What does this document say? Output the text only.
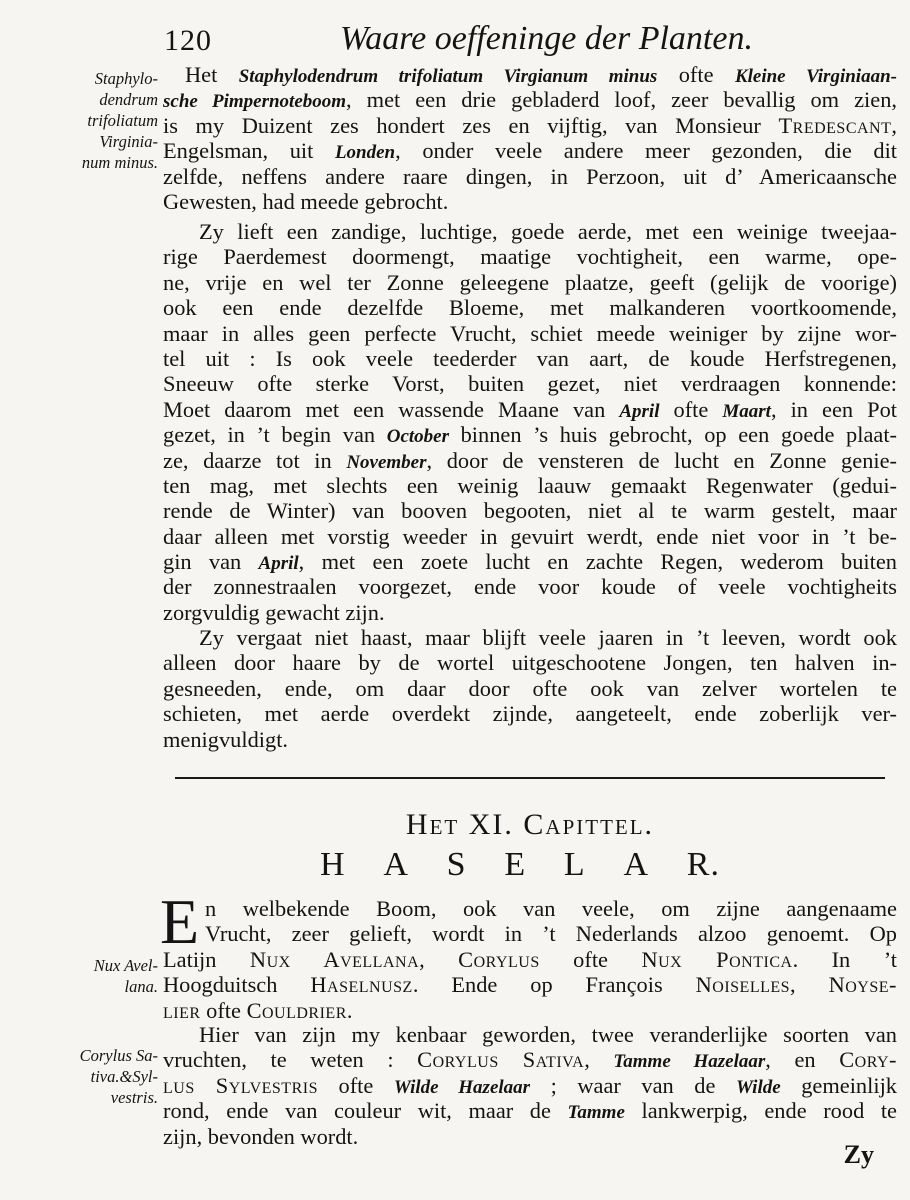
120	Waare oeffeninge der Planten.
Staphylo-
dendrum
trifoliatum
Virginia-
num minus.
Nux Avel-
lana.
Corylus Sa-
tiva.&Syl-
vestris.
Het Staphylodendrum trifoliatum Virgianum minus ofte Kleine Virginiaan-
sche Pimpernoteboom, met een drie gebladerd loof, zeer bevallig om zien,
is my Duizent zes hondert zes en vijftig, van Monsieur Tredescant,
Engelsman, uit Londen, onder veele andere meer gezonden, die dit
zelfde, neffens andere raare dingen, in Perzoon, uit d’ Americaansche
Gewesten, had meede gebrocht.
Zy lieft een zandige, luchtige, goede aerde, met een weinige tweejaa-
rige Paerdemest doormengt, maatige vochtigheit, een warme, ope-
ne, vrije en wel ter Zonne geleegene plaatze, geeft (gelijk de voorige)
ook een ende dezelfde Bloeme, met malkanderen voortkoomende,
maar in alles geen perfecte Vrucht, schiet meede weiniger by zijne wor-
tel uit : Is ook veele teederder van aart, de koude Herfstregenen,
Sneeuw ofte sterke Vorst, buiten gezet, niet verdraagen konnende:
Moet daarom met een wassende Maane van April ofte Maart, in een Pot
gezet, in ’t begin van October binnen ’s huis gebrocht, op een goede plaat-
ze, daarze tot in November, door de vensteren de lucht en Zonne genie-
ten mag, met slechts een weinig laauw gemaakt Regenwater (gedui-
rende de Winter) van booven begooten, niet al te warm gestelt, maar
daar alleen met vorstig weeder in gevuirt werdt, ende niet voor in ’t be-
gin van April, met een zoete lucht en zachte Regen, wederom buiten
der zonnestraalen voorgezet, ende voor koude of veele vochtigheits
zorgvuldig gewacht zijn.
Zy vergaat niet haast, maar blijft veele jaaren in ’t leeven, wordt ook
alleen door haare by de wortel uitgeschootene Jongen, ten halven in-
gesneeden, ende, om daar door ofte ook van zelver wortelen te
schieten, met aerde overdekt zijnde, aangeteelt, ende zoberlijk ver-
menigvuldigt.
Het XI. Capittel.
H A S E L A R.
E n welbekende Boom, ook van veele, om zijne aangenaame
Vrucht, zeer gelieft, wordt in ’t Nederlands alzoo genoemt. Op
Latijn Nux Avellana, Corylus ofte Nux Pontica. In ’t
Hoogduitsch Haselnusz. Ende op François Noiselles, Noyse-
lier ofte Couldrier.
Hier van zijn my kenbaar geworden, twee veranderlijke soorten van
vruchten, te weten : Corylus Sativa, Tamme Hazelaar, en Cory-
lus Sylvestris ofte Wilde Hazelaar ; waar van de Wilde gemeinlijk
rond, ende van couleur wit, maar de Tamme lankwerpig, ende rood te
zijn, bevonden wordt.
Zy
